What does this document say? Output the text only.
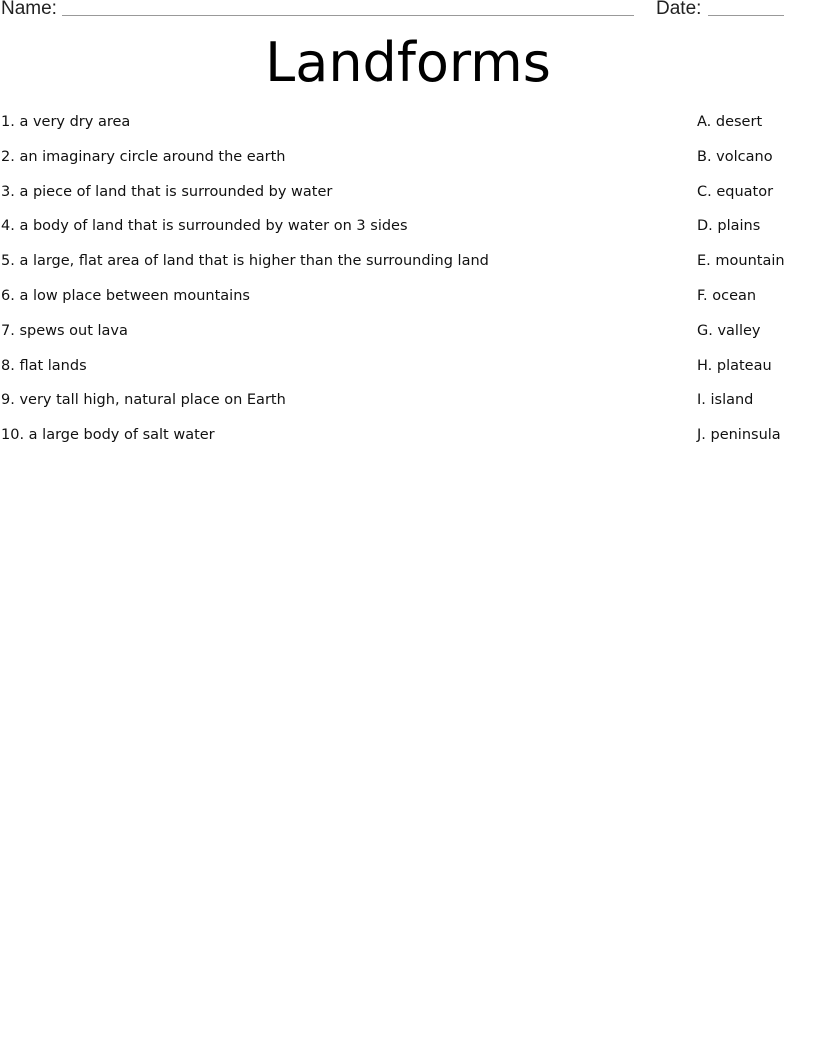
Name:	Date:
Landforms
1. a very dry area
2. an imaginary circle around the earth
3. a piece of land that is surrounded by water
4. a body of land that is surrounded by water on 3 sides
5. a large, flat area of land that is higher than the surrounding land
6. a low place between mountains
7. spews out lava
8. flat lands
9. very tall high, natural place on Earth
10. a large body of salt water
A. desert
B. volcano
C. equator
D. plains
E. mountain
F. ocean
G. valley
H. plateau
I. island
J. peninsula
